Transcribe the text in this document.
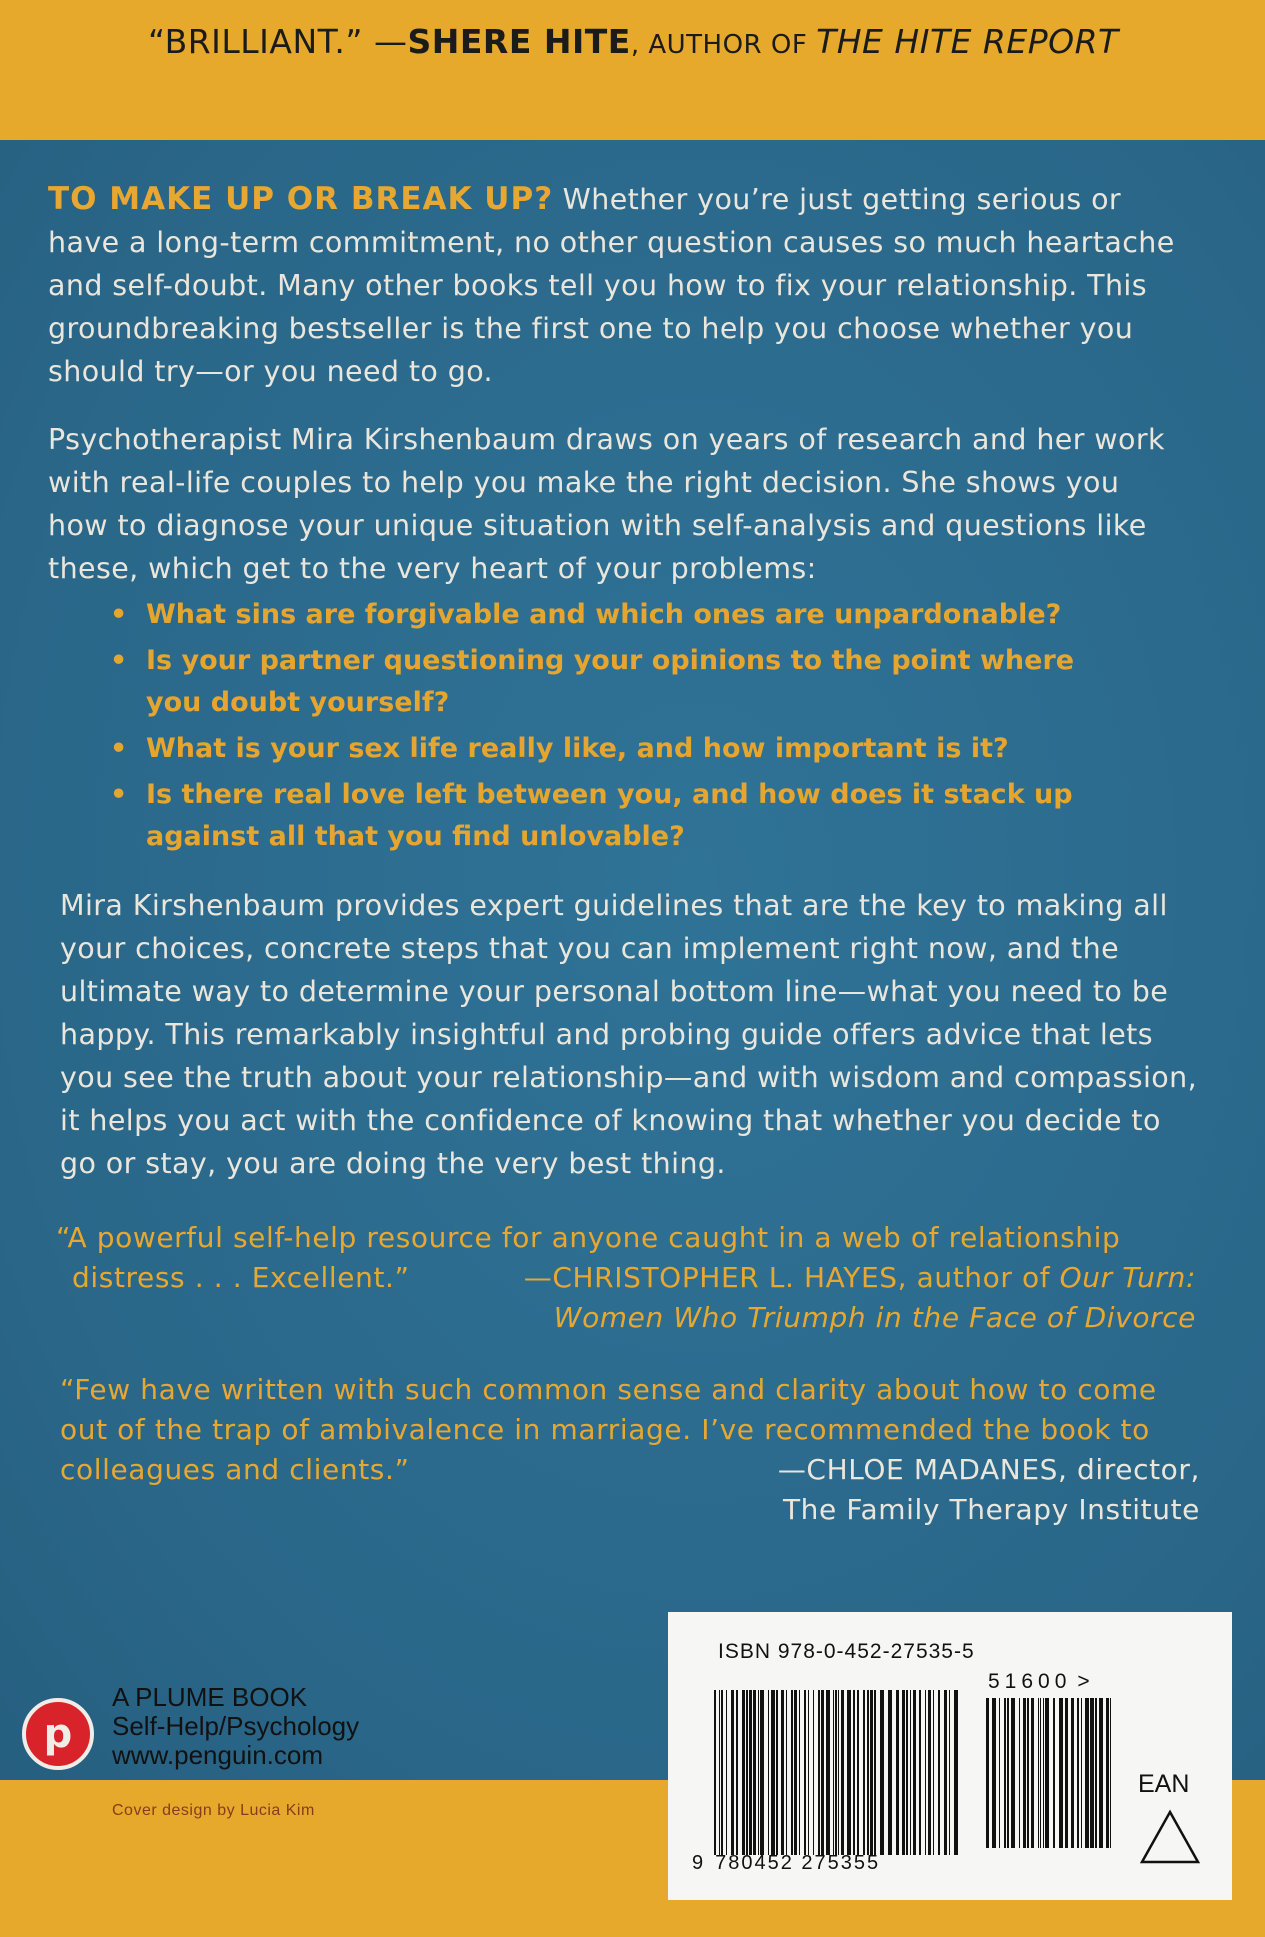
“BRILLIANT.” —SHERE HITE, AUTHOR OF THE HITE REPORT
TO MAKE UP OR BREAK UP? Whether you’re just getting serious or have a long-term commitment, no other question causes so much heartache and self-doubt. Many other books tell you how to fix your relationship. This groundbreaking bestseller is the first one to help you choose whether you should try—or you need to go.
Psychotherapist Mira Kirshenbaum draws on years of research and her work with real-life couples to help you make the right decision. She shows you how to diagnose your unique situation with self-analysis and questions like these, which get to the very heart of your problems:
• What sins are forgivable and which ones are unpardonable?
• Is your partner questioning your opinions to the point where you doubt yourself?
• What is your sex life really like, and how important is it?
• Is there real love left between you, and how does it stack up against all that you find unlovable?
Mira Kirshenbaum provides expert guidelines that are the key to making all your choices, concrete steps that you can implement right now, and the ultimate way to determine your personal bottom line—what you need to be happy. This remarkably insightful and probing guide offers advice that lets you see the truth about your relationship—and with wisdom and compassion, it helps you act with the confidence of knowing that whether you decide to go or stay, you are doing the very best thing.
“A powerful self-help resource for anyone caught in a web of relationship
distress . . . Excellent.”	—CHRISTOPHER L. HAYES, author of Our Turn:
Women Who Triumph in the Face of Divorce
“Few have written with such common sense and clarity about how to come
out of the trap of ambivalence in marriage. I’ve recommended the book to
colleagues and clients.”	—CHLOE MADANES, director,
The Family Therapy Institute
p
A PLUME BOOK
Self-Help/Psychology
www.penguin.com
Cover design by Lucia Kim
ISBN 978-0-452-27535-5
51600 >
EAN
9 780452 275355
